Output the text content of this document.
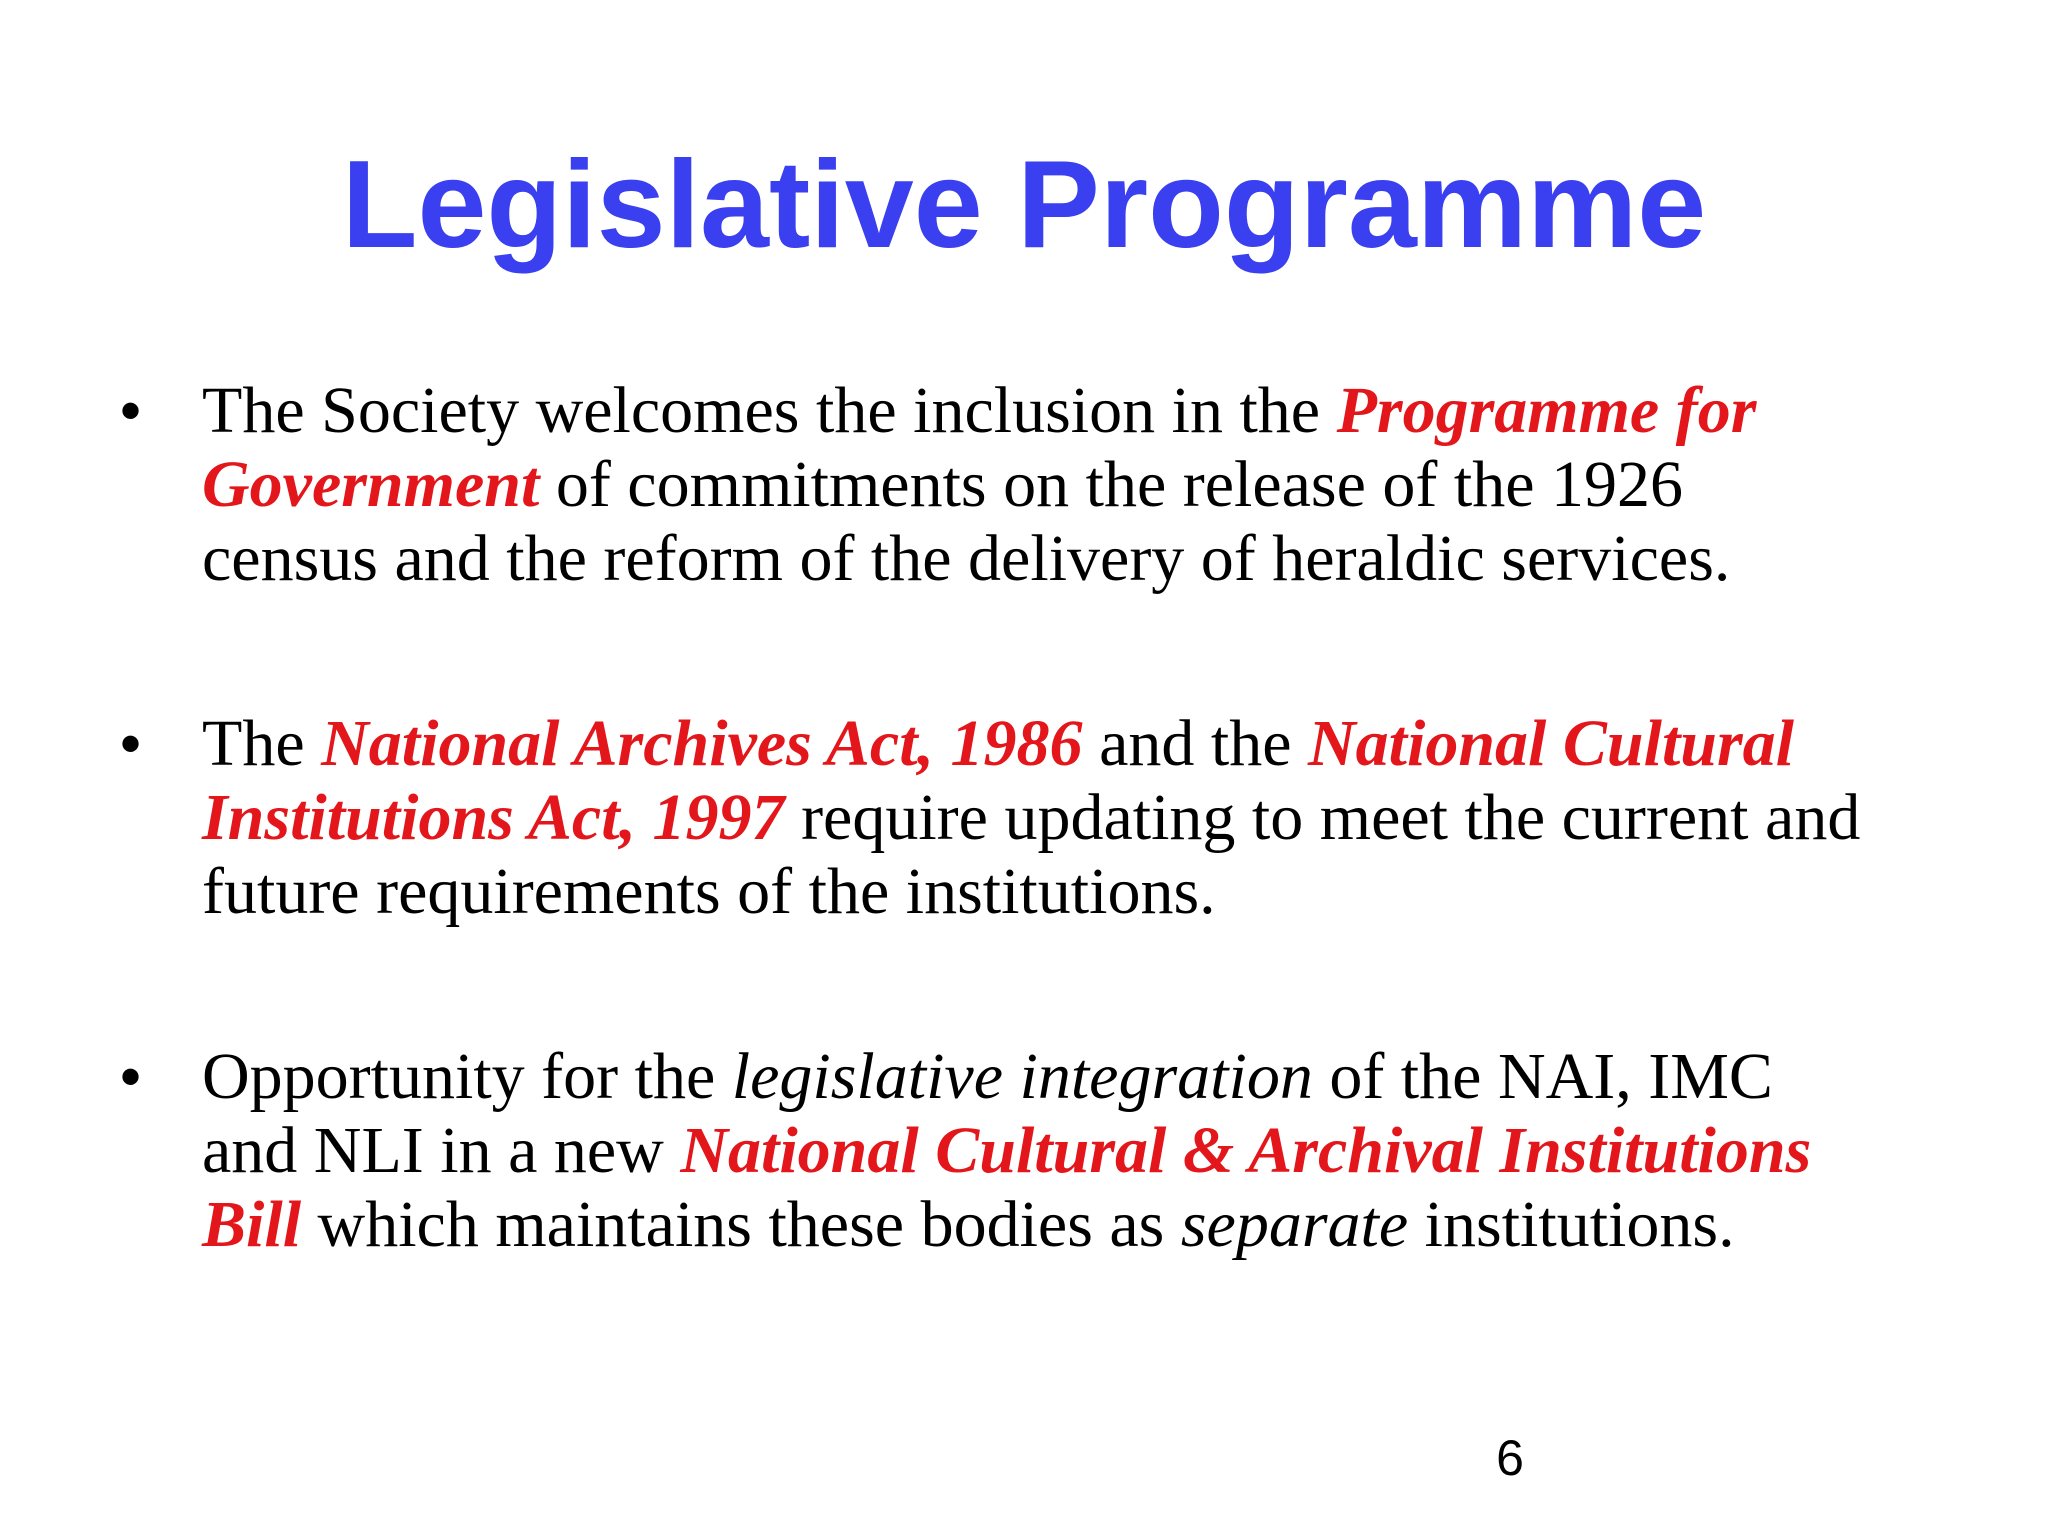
Legislative Programme
• The Society welcomes the inclusion in the Programme for
Government of commitments on the release of the 1926
census and the reform of the delivery of heraldic services.
• The National Archives Act, 1986 and the National Cultural
Institutions Act, 1997 require updating to meet the current and
future requirements of the institutions.
• Opportunity for the legislative integration of the NAI, IMC
and NLI in a new National Cultural & Archival Institutions
Bill which maintains these bodies as separate institutions.
6
